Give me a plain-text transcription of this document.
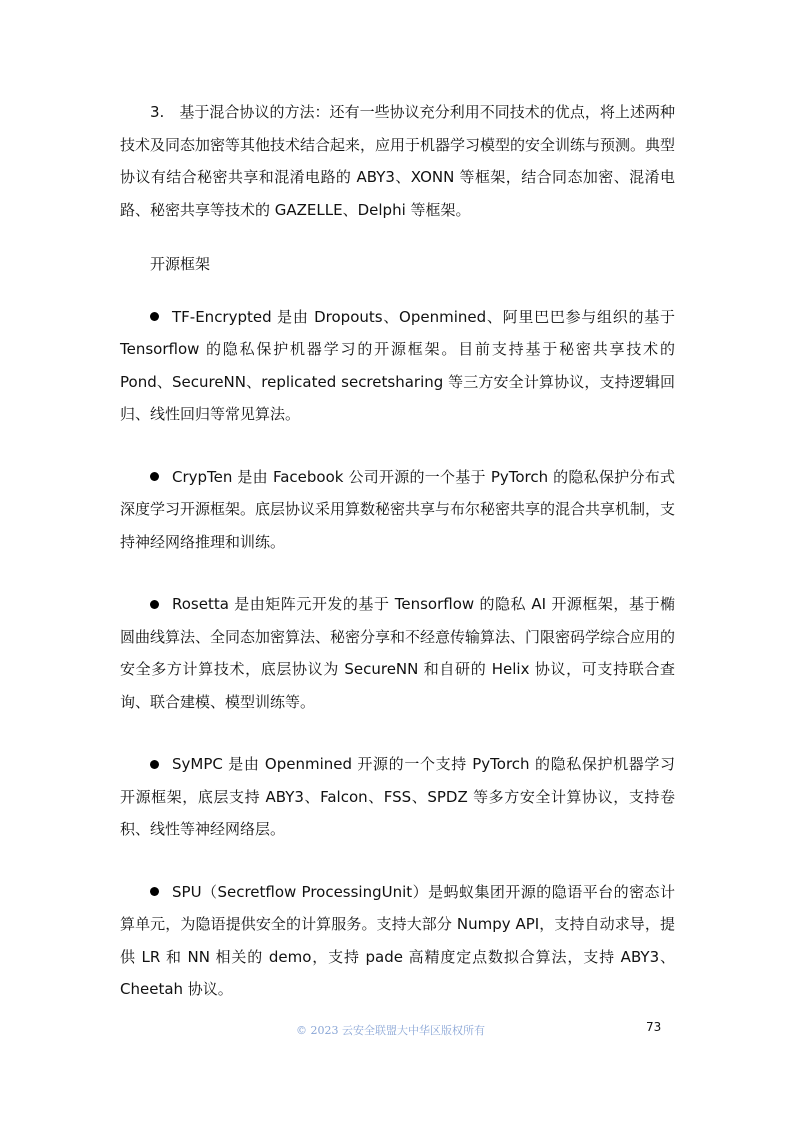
3.　基于混合协议的方法：还有一些协议充分利用不同技术的优点，将上述两种技术及同态加密等其他技术结合起来，应用于机器学习模型的安全训练与预测。典型协议有结合秘密共享和混淆电路的 ABY3、XONN 等框架，结合同态加密、混淆电路、秘密共享等技术的 GAZELLE、Delphi 等框架。

开源框架
TF-Encrypted 是由 Dropouts、Openmined、阿里巴巴参与组织的基于 Tensorflow 的隐私保护机器学习的开源框架。目前支持基于秘密共享技术的 Pond、SecureNN、replicated secretsharing 等三方安全计算协议，支持逻辑回归、线性回归等常见算法。
CrypTen 是由 Facebook 公司开源的一个基于 PyTorch 的隐私保护分布式深度学习开源框架。底层协议采用算数秘密共享与布尔秘密共享的混合共享机制，支持神经网络推理和训练。
Rosetta 是由矩阵元开发的基于 Tensorflow 的隐私 AI 开源框架，基于椭圆曲线算法、全同态加密算法、秘密分享和不经意传输算法、门限密码学综合应用的安全多方计算技术，底层协议为 SecureNN 和自研的 Helix 协议，可支持联合查询、联合建模、模型训练等。
SyMPC 是由 Openmined 开源的一个支持 PyTorch 的隐私保护机器学习开源框架，底层支持 ABY3、Falcon、FSS、SPDZ 等多方安全计算协议，支持卷积、线性等神经网络层。
SPU（Secretflow ProcessingUnit）是蚂蚁集团开源的隐语平台的密态计算单元，为隐语提供安全的计算服务。支持大部分 Numpy API，支持自动求导，提供 LR 和 NN 相关的 demo，支持 pade 高精度定点数拟合算法，支持 ABY3、Cheetah 协议。
© 2023 云安全联盟大中华区版权所有	73
